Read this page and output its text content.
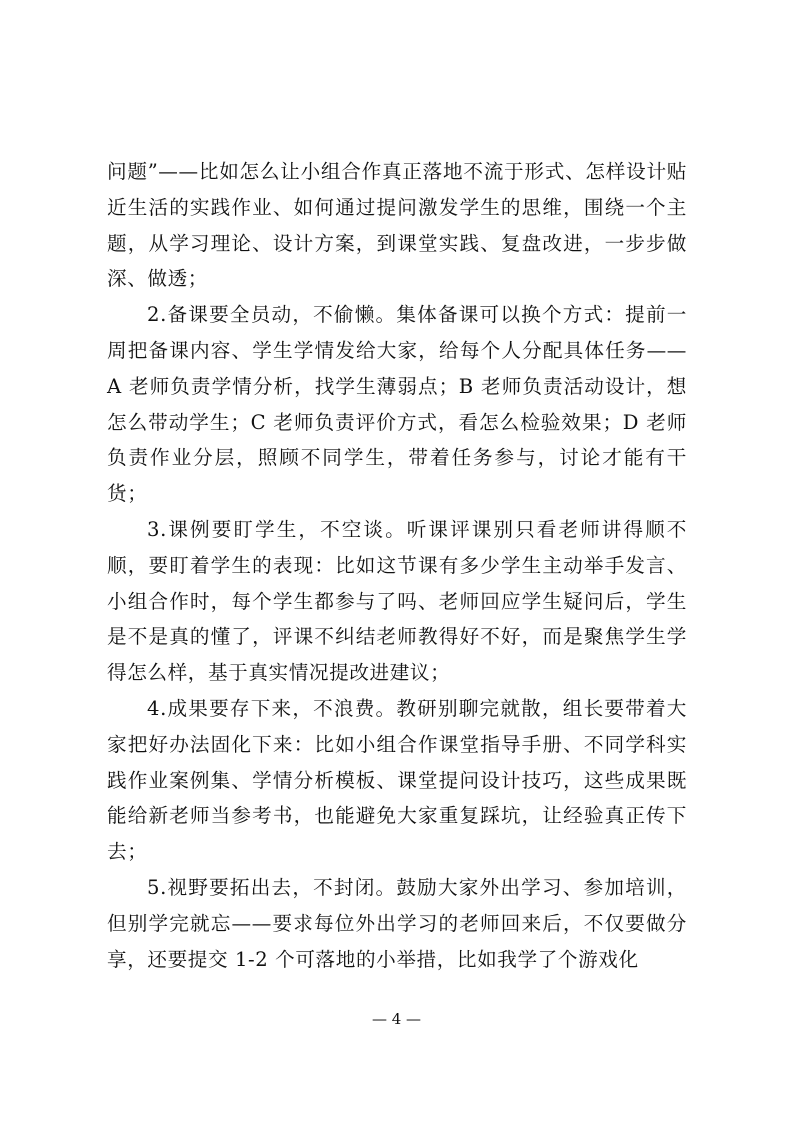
问题”——比如怎么让小组合作真正落地不流于形式、怎样设计贴近生活的实践作业、如何通过提问激发学生的思维，围绕一个主题，从学习理论、设计方案，到课堂实践、复盘改进，一步步做深、做透；

2.备课要全员动，不偷懒。集体备课可以换个方式：提前一周把备课内容、学生学情发给大家，给每个人分配具体任务——A 老师负责学情分析，找学生薄弱点；B 老师负责活动设计，想怎么带动学生；C 老师负责评价方式，看怎么检验效果；D 老师负责作业分层，照顾不同学生，带着任务参与，讨论才能有干货；

3.课例要盯学生，不空谈。听课评课别只看老师讲得顺不顺，要盯着学生的表现：比如这节课有多少学生主动举手发言、小组合作时，每个学生都参与了吗、老师回应学生疑问后，学生是不是真的懂了，评课不纠结老师教得好不好，而是聚焦学生学得怎么样，基于真实情况提改进建议；

4.成果要存下来，不浪费。教研别聊完就散，组长要带着大家把好办法固化下来：比如小组合作课堂指导手册、不同学科实践作业案例集、学情分析模板、课堂提问设计技巧，这些成果既能给新老师当参考书，也能避免大家重复踩坑，让经验真正传下去；

5.视野要拓出去，不封闭。鼓励大家外出学习、参加培训，但别学完就忘——要求每位外出学习的老师回来后，不仅要做分享，还要提交 1-2 个可落地的小举措，比如我学了个游戏化

— 4 —
